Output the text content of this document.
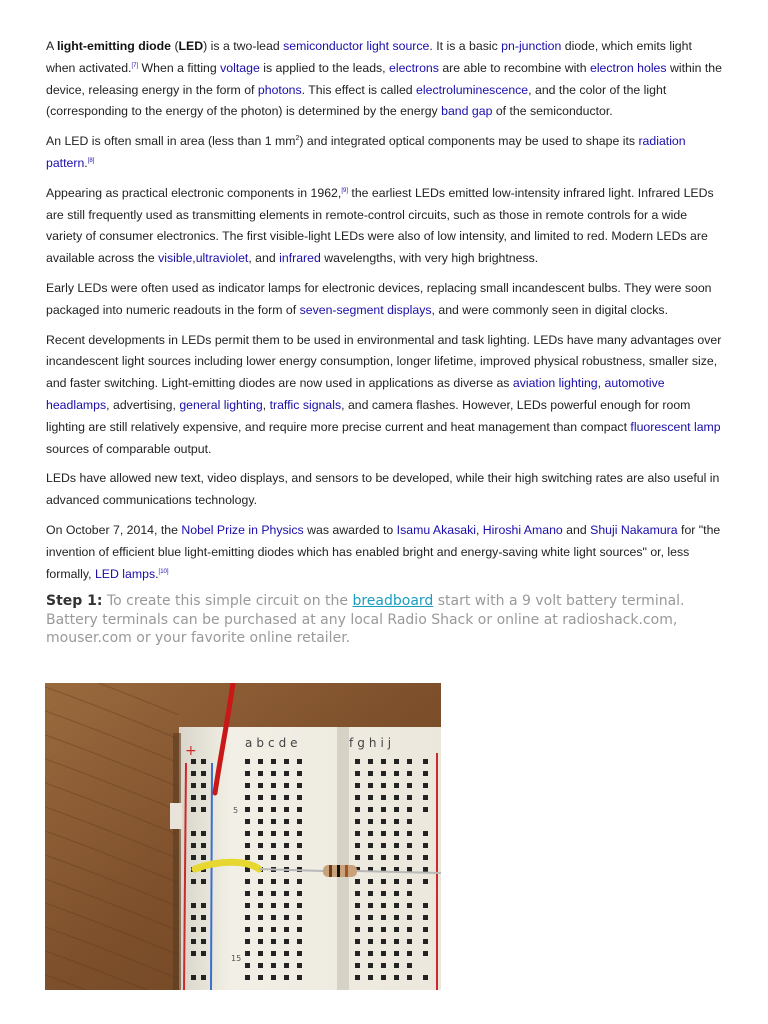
A light-emitting diode (LED) is a two-lead semiconductor light source. It is a basic pn-junction diode, which emits light when activated.[7] When a fitting voltage is applied to the leads, electrons are able to recombine with electron holes within the device, releasing energy in the form of photons. This effect is called electroluminescence, and the color of the light (corresponding to the energy of the photon) is determined by the energy band gap of the semiconductor.

An LED is often small in area (less than 1 $mm^2$) and integrated optical components may be used to shape its radiation pattern.[8]

Appearing as practical electronic components in 1962,[9] the earliest LEDs emitted low-intensity infrared light. Infrared LEDs are still frequently used as transmitting elements in remote-control circuits, such as those in remote controls for a wide variety of consumer electronics. The first visible-light LEDs were also of low intensity, and limited to red. Modern LEDs are available across the visible,ultraviolet, and infrared wavelengths, with very high brightness.

Early LEDs were often used as indicator lamps for electronic devices, replacing small incandescent bulbs. They were soon packaged into numeric readouts in the form of seven-segment displays, and were commonly seen in digital clocks.

Recent developments in LEDs permit them to be used in environmental and task lighting. LEDs have many advantages over incandescent light sources including lower energy consumption, longer lifetime, improved physical robustness, smaller size, and faster switching. Light-emitting diodes are now used in applications as diverse as aviation lighting, automotive headlamps, advertising, general lighting, traffic signals, and camera flashes. However, LEDs powerful enough for room lighting are still relatively expensive, and require more precise current and heat management than compact fluorescent lamp sources of comparable output.

LEDs have allowed new text, video displays, and sensors to be developed, while their high switching rates are also useful in advanced communications technology.

On October 7, 2014, the Nobel Prize in Physics was awarded to Isamu Akasaki, Hiroshi Amano and Shuji Nakamura for "the invention of efficient blue light-emitting diodes which has enabled bright and energy-saving white light sources" or, less formally, LED lamps.[10]

Step 1: To create this simple circuit on the breadboard start with a 9 volt battery terminal. Battery terminals can be purchased at any local Radio Shack or online at radioshack.com, mouser.com or your favorite online retailer.
+	abcde	fghij
5
15
